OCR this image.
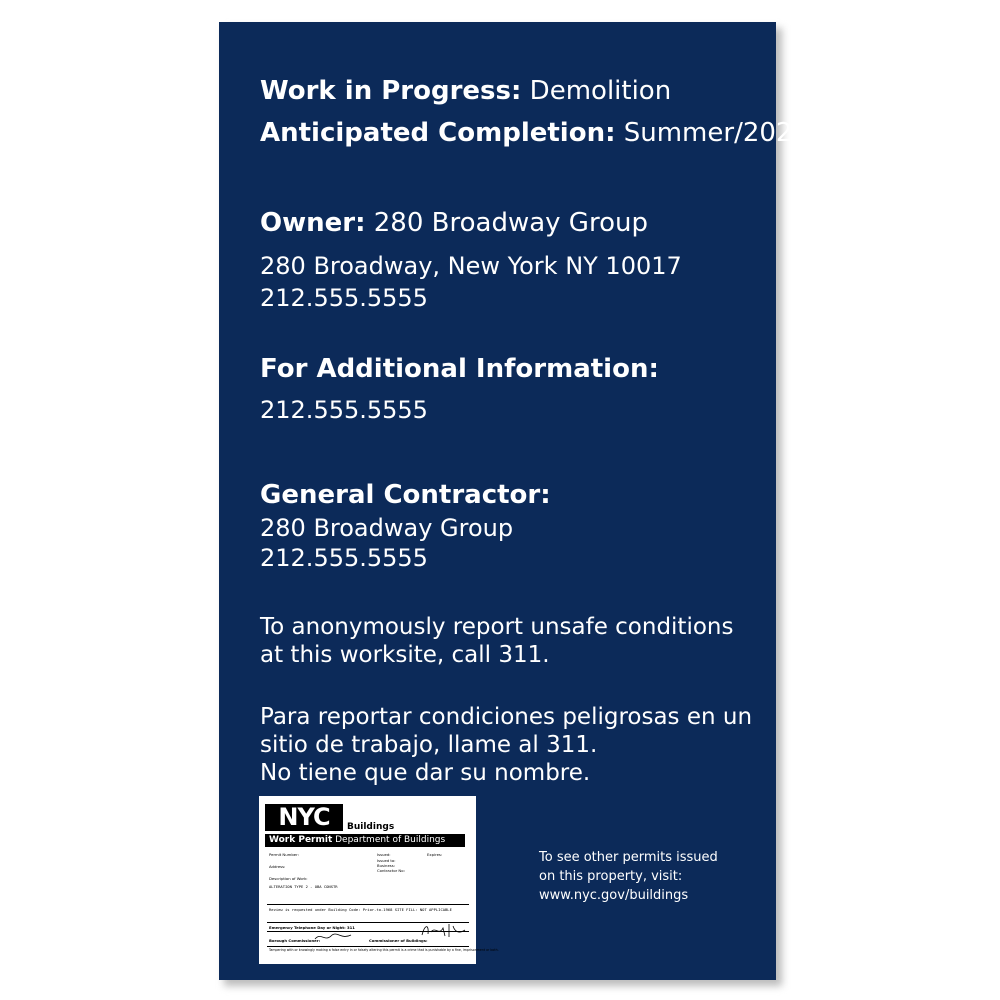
Work in Progress: Demolition
Anticipated Completion: Summer/2021
Owner: 280 Broadway Group
280 Broadway, New York NY 10017
212.555.5555
For Additional Information:
212.555.5555
General Contractor:
280 Broadway Group
212.555.5555
To anonymously report unsafe conditions
at this worksite, call 311.
Para reportar condiciones peligrosas en un
sitio de trabajo, llame al 311.
No tiene que dar su nombre.
NYC	Buildings
Work Permit Department of Buildings
Permit Number:	Issued:	Expires:
Issued to:
Business:
Contractor No:
Address:
Description of Work:
ALTERATION TYPE 2 - OBA CONSTR
Review is requested under Building Code: Prior-to-1968 SITE FILL: NOT APPLICABLE
Emergency Telephone Day or Night: 311
Borough Commissioner:	Commissioner of Buildings:
Tampering with or knowingly making a false entry in or falsely altering this permit is a crime that is punishable by a fine, imprisonment or both.
To see other permits issued
on this property, visit:
www.nyc.gov/buildings
